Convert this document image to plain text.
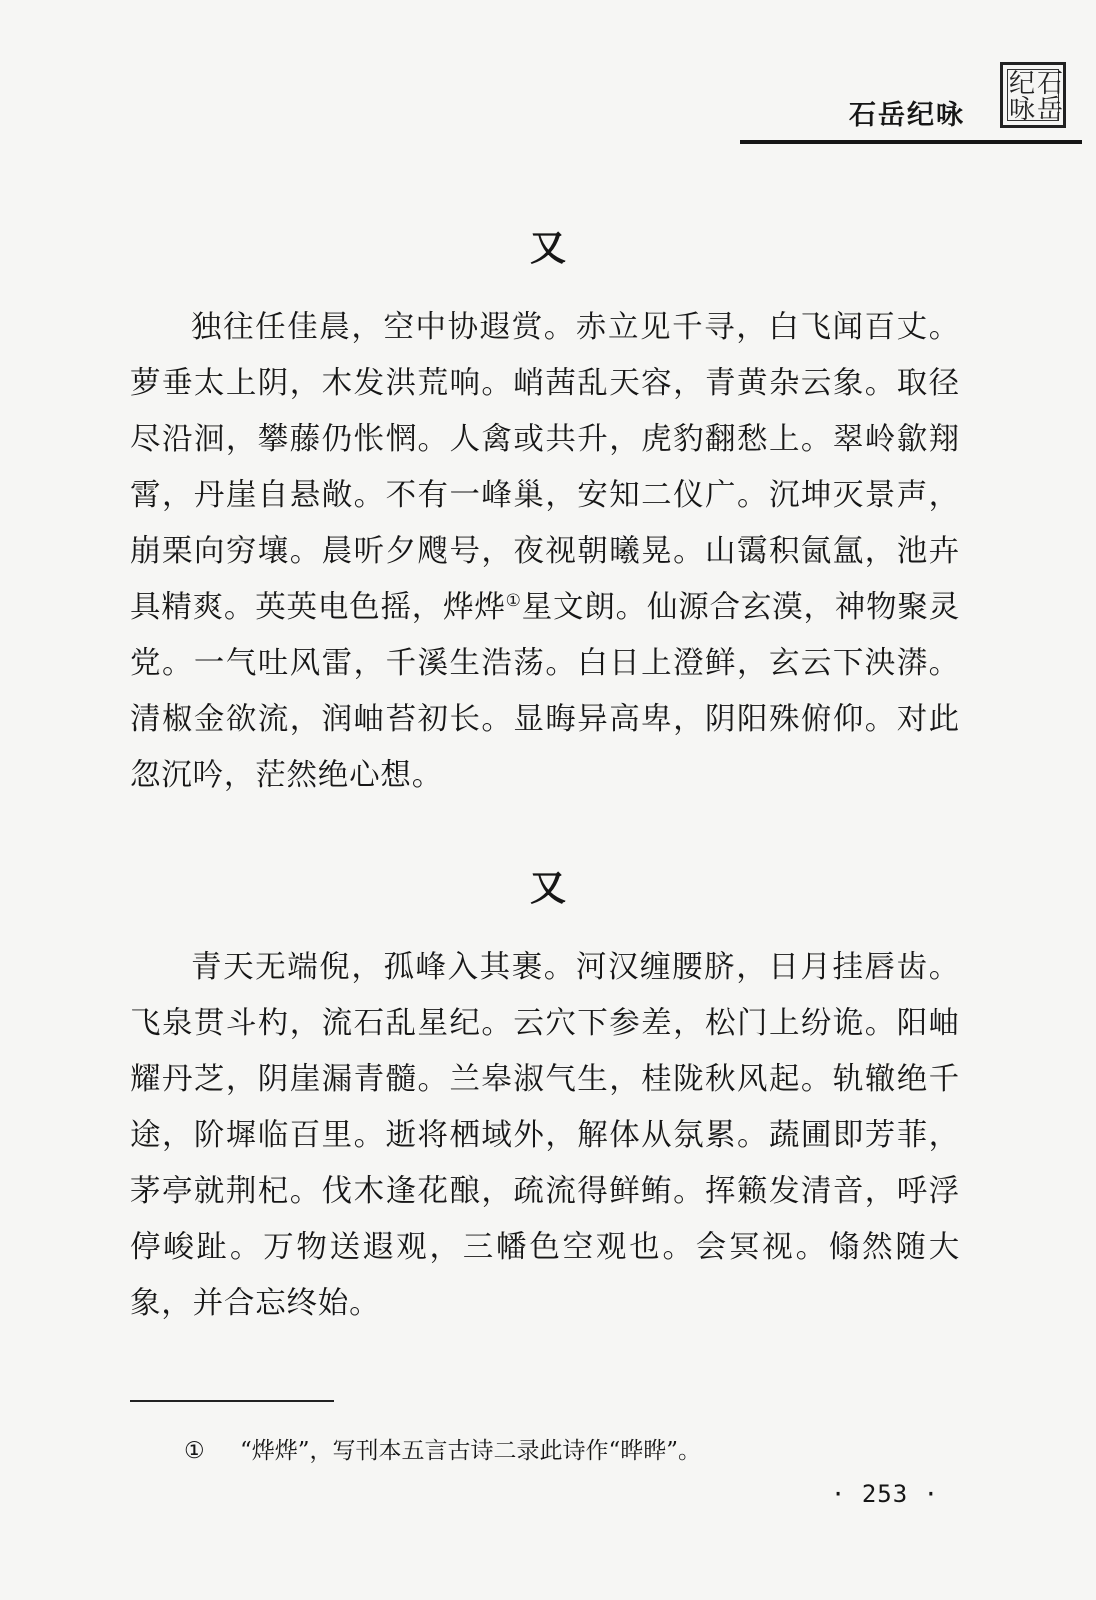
石岳纪咏
石
岳
纪
咏
又

独往任佳晨，空中协遐赏。赤立见千寻，白飞闻百丈。萝垂太上阴，木发洪荒响。峭茜乱天容，青黄杂云象。取径尽沿洄，攀藤仍怅惘。人禽或共升，虎豹翻愁上。翠岭歙翔霄，丹崖自悬敞。不有一峰巢，安知二仪广。沉坤灭景声，崩栗向穷壤。晨听夕飕号，夜视朝曦晃。山霭积氤氲，池卉具精爽。英英电色摇，烨烨①星文朗。仙源合玄漠，神物聚灵党。一气吐风雷，千溪生浩荡。白日上澄鲜，玄云下泱漭。清椒金欲流，润岫苔初长。显晦异高卑，阴阳殊俯仰。对此忽沉吟，茫然绝心想。

又

青天无端倪，孤峰入其裹。河汉缠腰脐，日月挂唇齿。飞泉贯斗杓，流石乱星纪。云穴下参差，松门上纷诡。阳岫耀丹芝，阴崖漏青髓。兰皋淑气生，桂陇秋风起。轨辙绝千途，阶墀临百里。逝将栖域外，解体从氛累。蔬圃即芳菲，茅亭就荆杞。伐木逢花酿，疏流得鲜鲔。挥籁发清音，呼浮停峻趾。万物送遐观，三幡色空观也。会冥视。翛然随大象，并合忘终始。

① “烨烨”，写刊本五言古诗二录此诗作“晔晔”。
· 253 ·
